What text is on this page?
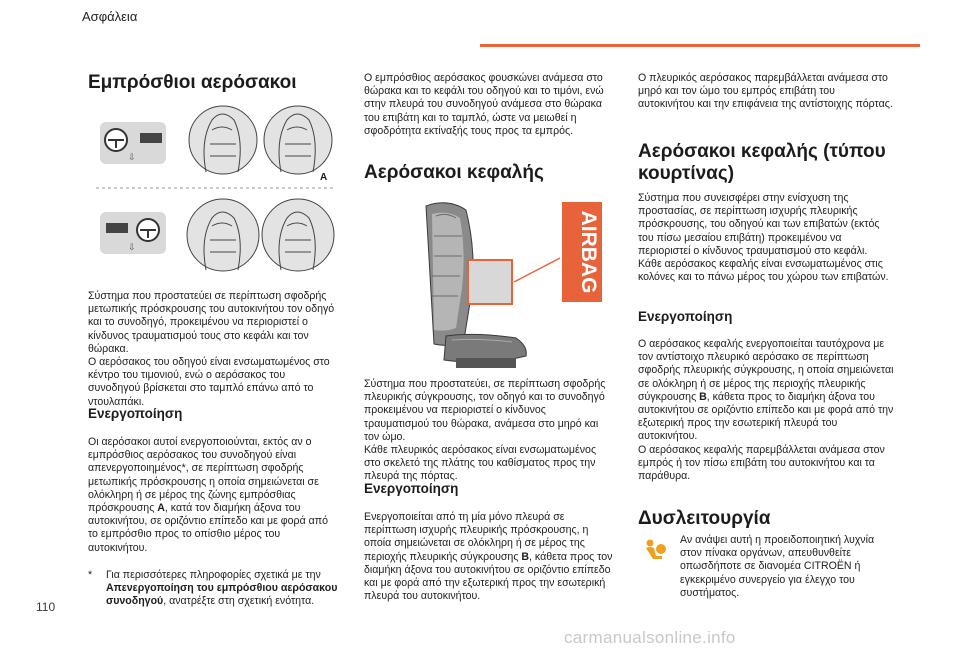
Ασφάλεια
Εμπρόσθιοι αερόσακοι
⇩
A
⇩

Σύστημα που προστατεύει σε περίπτωση σφοδρής μετωπικής πρόσκρουσης του αυτοκινήτου τον οδηγό και το συνοδηγό, προκειμένου να περιοριστεί ο κίνδυνος τραυματισμού τους στο κεφάλι και τον θώρακα.

Ο αερόσακος του οδηγού είναι ενσωματωμένος στο κέντρο του τιμονιού, ενώ ο αερόσακος του συνοδηγού βρίσκεται στο ταμπλό επάνω από το ντουλαπάκι.

Ενεργοποίηση

Οι αερόσακοι αυτοί ενεργοποιούνται, εκτός αν ο εμπρόσθιος αερόσακος του συνοδηγού είναι απενεργοποιημένος*, σε περίπτωση σφοδρής μετωπικής πρόσκρουσης η οποία σημειώνεται σε ολόκληρη ή σε μέρος της ζώνης εμπρόσθιας πρόσκρουσης A, κατά τον διαμήκη άξονα του αυτοκινήτου, σε οριζόντιο επίπεδο και με φορά από το εμπρόσθιο προς το οπίσθιο μέρος του αυτοκινήτου.

* Για περισσότερες πληροφορίες σχετικά με την Απενεργοποίηση του εμπρόσθιου αερόσακου συνοδηγού, ανατρέξτε στη σχετική ενότητα.

110

Ο εμπρόσθιος αερόσακος φουσκώνει ανάμεσα στο θώρακα και το κεφάλι του οδηγού και το τιμόνι, ενώ στην πλευρά του συνοδηγού ανάμεσα στο θώρακα του επιβάτη και το ταμπλό, ώστε να μειωθεί η σφοδρότητα εκτίναξής τους προς τα εμπρός.

Αερόσακοι κεφαλής
AIRBAG

Σύστημα που προστατεύει, σε περίπτωση σφοδρής πλευρικής σύγκρουσης, τον οδηγό και το συνοδηγό προκειμένου να περιοριστεί ο κίνδυνος τραυματισμού του θώρακα, ανάμεσα στο μηρό και τον ώμο.

Κάθε πλευρικός αερόσακος είναι ενσωματωμένος στο σκελετό της πλάτης του καθίσματος προς την πλευρά της πόρτας.

Ενεργοποίηση

Ενεργοποιείται από τη μία μόνο πλευρά σε περίπτωση ισχυρής πλευρικής πρόσκρουσης, η οποία σημειώνεται σε ολόκληρη ή σε μέρος της περιοχής πλευρικής σύγκρουσης B, κάθετα προς τον διαμήκη άξονα του αυτοκινήτου σε οριζόντιο επίπεδο και με φορά από την εξωτερική προς την εσωτερική πλευρά του αυτοκινήτου.

Ο πλευρικός αερόσακος παρεμβάλλεται ανάμεσα στο μηρό και τον ώμο του εμπρός επιβάτη του αυτοκινήτου και την επιφάνεια της αντίστοιχης πόρτας.

Αερόσακοι κεφαλής (τύπου κουρτίνας)

Σύστημα που συνεισφέρει στην ενίσχυση της προστασίας, σε περίπτωση ισχυρής πλευρικής πρόσκρουσης, του οδηγού και των επιβατών (εκτός του πίσω μεσαίου επιβάτη) προκειμένου να περιοριστεί ο κίνδυνος τραυματισμού στο κεφάλι.

Κάθε αερόσακος κεφαλής είναι ενσωματωμένος στις κολόνες και το πάνω μέρος του χώρου των επιβατών.

Ενεργοποίηση

Ο αερόσακος κεφαλής ενεργοποιείται ταυτόχρονα με τον αντίστοιχο πλευρικό αερόσακο σε περίπτωση σφοδρής πλευρικής σύγκρουσης, η οποία σημειώνεται σε ολόκληρη ή σε μέρος της περιοχής πλευρικής σύγκρουσης B, κάθετα προς το διαμήκη άξονα του αυτοκινήτου σε οριζόντιο επίπεδο και με φορά από την εξωτερική προς την εσωτερική πλευρά του αυτοκινήτου.

Ο αερόσακος κεφαλής παρεμβάλλεται ανάμεσα στον εμπρός ή τον πίσω επιβάτη του αυτοκινήτου και τα παράθυρα.

Δυσλειτουργία

Αν ανάψει αυτή η προειδοποιητική λυχνία στον πίνακα οργάνων, απευθυνθείτε οπωσδήποτε σε διανομέα CITROËN ή εγκεκριμένο συνεργείο για έλεγχο του συστήματος.

carmanualsonline.info
